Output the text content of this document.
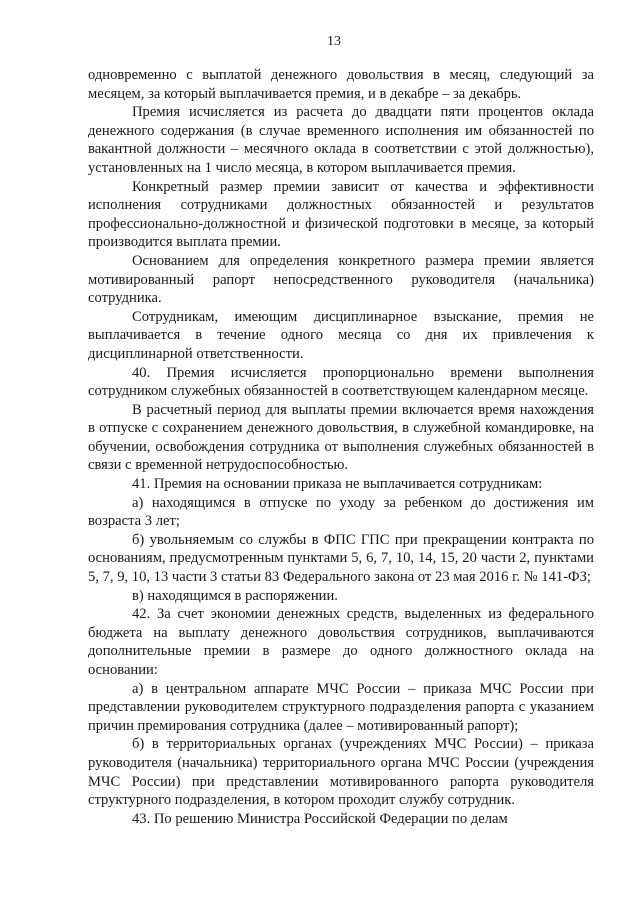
13

одновременно с выплатой денежного довольствия в месяц, следующий за месяцем, за который выплачивается премия, и в декабре – за декабрь.

Премия исчисляется из расчета до двадцати пяти процентов оклада денежного содержания (в случае временного исполнения им обязанностей по вакантной должности – месячного оклада в соответствии с этой должностью), установленных на 1 число месяца, в котором выплачивается премия.

Конкретный размер премии зависит от качества и эффективности исполнения сотрудниками должностных обязанностей и результатов профессионально-должностной и физической подготовки в месяце, за который производится выплата премии.

Основанием для определения конкретного размера премии является мотивированный рапорт непосредственного руководителя (начальника) сотрудника.

Сотрудникам, имеющим дисциплинарное взыскание, премия не выплачивается в течение одного месяца со дня их привлечения к дисциплинарной ответственности.

40. Премия исчисляется пропорционально времени выполнения сотрудником служебных обязанностей в соответствующем календарном месяце.

В расчетный период для выплаты премии включается время нахождения в отпуске с сохранением денежного довольствия, в служебной командировке, на обучении, освобождения сотрудника от выполнения служебных обязанностей в связи с временной нетрудоспособностью.

41. Премия на основании приказа не выплачивается сотрудникам:

а) находящимся в отпуске по уходу за ребенком до достижения им возраста 3 лет;

б) увольняемым со службы в ФПС ГПС при прекращении контракта по основаниям, предусмотренным пунктами 5, 6, 7, 10, 14, 15, 20 части 2, пунктами 5, 7, 9, 10, 13 части 3 статьи 83 Федерального закона от 23 мая 2016 г. № 141-ФЗ;

в) находящимся в распоряжении.

42. За счет экономии денежных средств, выделенных из федерального бюджета на выплату денежного довольствия сотрудников, выплачиваются дополнительные премии в размере до одного должностного оклада на основании:

а) в центральном аппарате МЧС России – приказа МЧС России при представлении руководителем структурного подразделения рапорта с указанием причин премирования сотрудника (далее – мотивированный рапорт);

б) в территориальных органах (учреждениях МЧС России) – приказа руководителя (начальника) территориального органа МЧС России (учреждения МЧС России) при представлении мотивированного рапорта руководителя структурного подразделения, в котором проходит службу сотрудник.

43. По решению Министра Российской Федерации по делам
